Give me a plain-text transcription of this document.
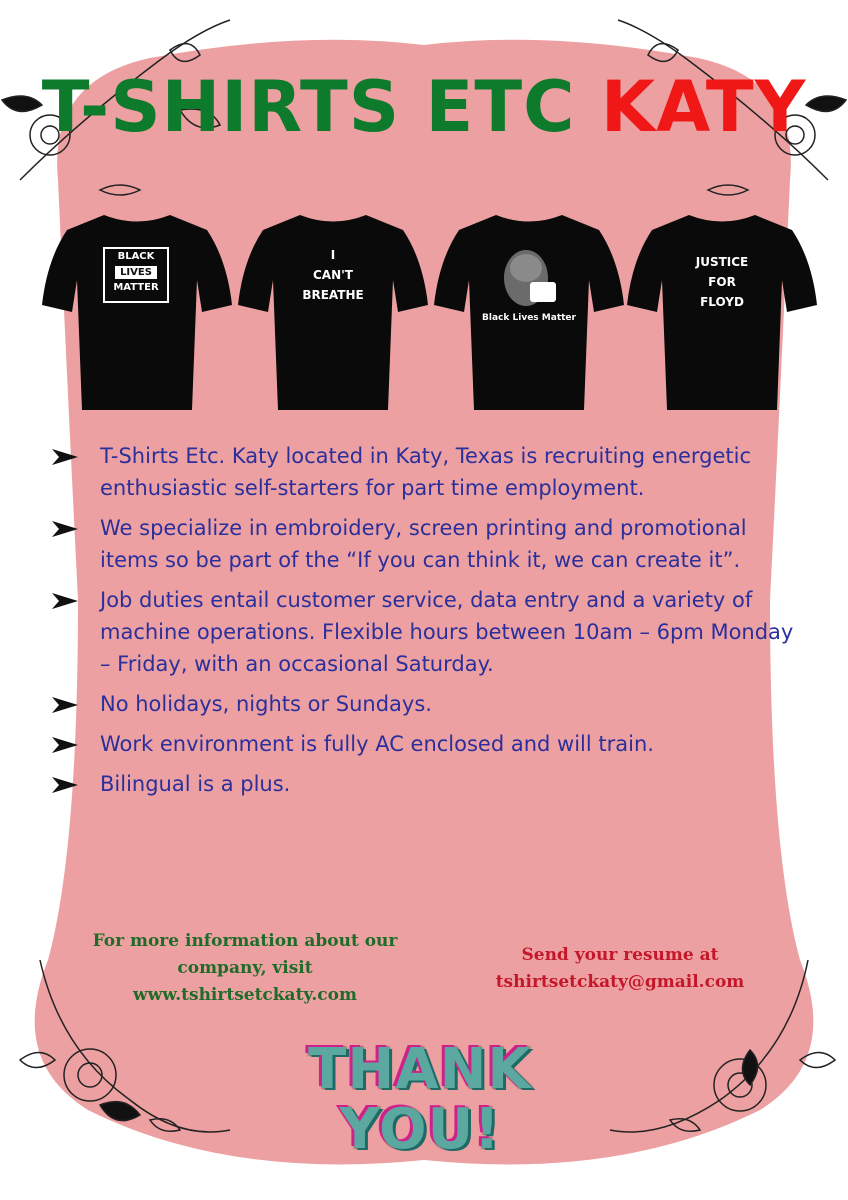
T-SHIRTS ETC KATY
BLACK
LIVES
MATTER
I
CAN'T
BREATHE
Black Lives Matter
JUSTICE
FOR
FLOYD
T-Shirts Etc. Katy located in Katy, Texas is recruiting energetic enthusiastic self-starters for part time employment.
We specialize in embroidery, screen printing and promotional items so be part of the “If you can think it, we can create it”.
Job duties entail customer service, data entry and a variety of machine operations. Flexible hours between 10am – 6pm Monday – Friday, with an occasional Saturday.
No holidays, nights or Sundays.
Work environment is fully AC enclosed and will train.
Bilingual is a plus.
For more information about our
company, visit
www.tshirtsetckaty.com
Send your resume at
tshirtsetckaty@gmail.com
THANK
YOU!
